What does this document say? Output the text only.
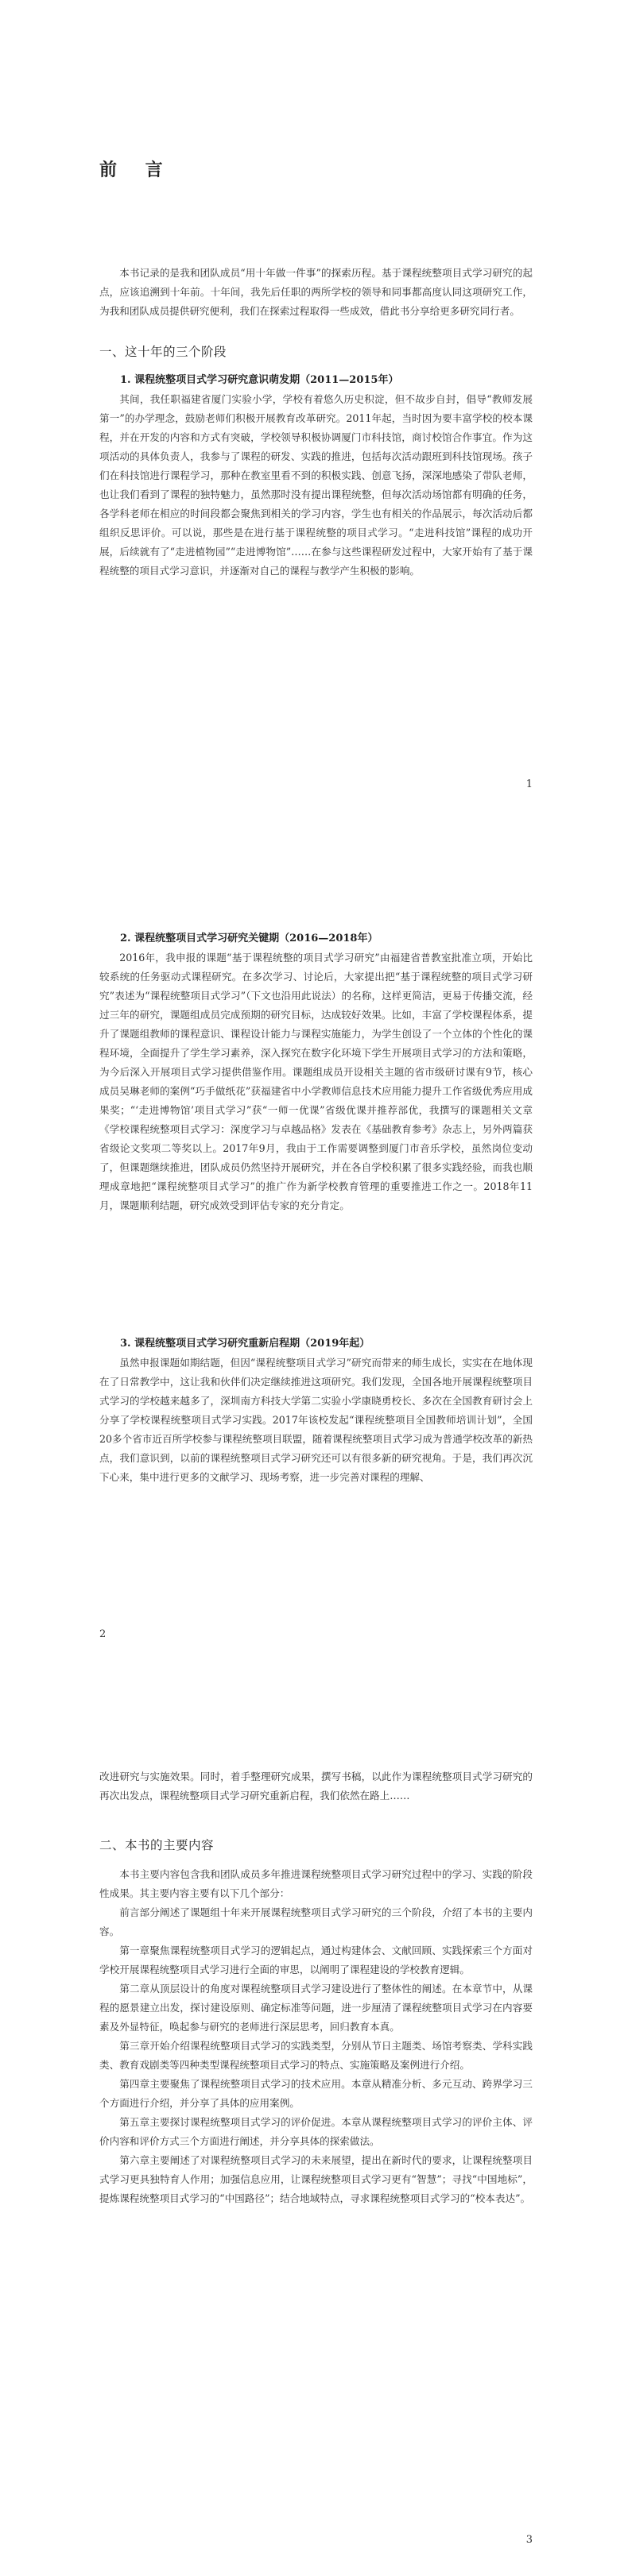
前 言

本书记录的是我和团队成员“用十年做一件事”的探索历程。基于课程统整项目式学习研究的起点，应该追溯到十年前。十年间，我先后任职的两所学校的领导和同事都高度认同这项研究工作，为我和团队成员提供研究便利，我们在探索过程取得一些成效，借此书分享给更多研究同行者。

一、这十年的三个阶段
1. 课程统整项目式学习研究意识萌发期（2011—2015年）

其间，我任职福建省厦门实验小学，学校有着悠久历史积淀，但不故步自封，倡导“教师发展第一”的办学理念，鼓励老师们积极开展教育改革研究。2011年起，当时因为要丰富学校的校本课程，并在开发的内容和方式有突破，学校领导积极协调厦门市科技馆，商讨校馆合作事宜。作为这项活动的具体负责人，我参与了课程的研发、实践的推进，包括每次活动跟班到科技馆现场。孩子们在科技馆进行课程学习，那种在教室里看不到的积极实践、创意飞扬，深深地感染了带队老师，也让我们看到了课程的独特魅力，虽然那时没有提出课程统整，但每次活动场馆都有明确的任务，各学科老师在相应的时间段都会聚焦到相关的学习内容，学生也有相关的作品展示，每次活动后都组织反思评价。可以说，那些是在进行基于课程统整的项目式学习。“走进科技馆”课程的成功开展，后续就有了“走进植物园”“走进博物馆”……在参与这些课程研发过程中，大家开始有了基于课程统整的项目式学习意识，并逐渐对自己的课程与教学产生积极的影响。

1
2. 课程统整项目式学习研究关键期（2016—2018年）

2016年，我申报的课题“基于课程统整的项目式学习研究”由福建省普教室批准立项，开始比较系统的任务驱动式课程研究。在多次学习、讨论后，大家提出把“基于课程统整的项目式学习研究”表述为“课程统整项目式学习”（下文也沿用此说法）的名称，这样更简洁，更易于传播交流，经过三年的研究，课题组成员完成预期的研究目标，达成较好效果。比如，丰富了学校课程体系，提升了课题组教师的课程意识、课程设计能力与课程实施能力，为学生创设了一个立体的个性化的课程环境，全面提升了学生学习素养，深入探究在数字化环境下学生开展项目式学习的方法和策略，为今后深入开展项目式学习提供借鉴作用。课题组成员开设相关主题的省市级研讨课有9节，核心成员吴琳老师的案例“巧手做纸花”获福建省中小学教师信息技术应用能力提升工作省级优秀应用成果奖；“‘走进博物馆’项目式学习”获“一师一优课”省级优课并推荐部优，我撰写的课题相关文章《学校课程统整项目式学习：深度学习与卓越品格》发表在《基础教育参考》杂志上，另外两篇获省级论文奖项二等奖以上。2017年9月，我由于工作需要调整到厦门市音乐学校，虽然岗位变动了，但课题继续推进，团队成员仍然坚持开展研究，并在各自学校积累了很多实践经验，而我也顺理成章地把“课程统整项目式学习”的推广作为新学校教育管理的重要推进工作之一。2018年11月，课题顺利结题，研究成效受到评估专家的充分肯定。

3. 课程统整项目式学习研究重新启程期（2019年起）

虽然申报课题如期结题，但因“课程统整项目式学习”研究而带来的师生成长，实实在在地体现在了日常教学中，这让我和伙伴们决定继续推进这项研究。我们发现，全国各地开展课程统整项目式学习的学校越来越多了，深圳南方科技大学第二实验小学康晓勇校长、多次在全国教育研讨会上分享了学校课程统整项目式学习实践。2017年该校发起“课程统整项目全国教师培训计划”，全国20多个省市近百所学校参与课程统整项目联盟，随着课程统整项目式学习成为普通学校改革的新热点，我们意识到，以前的课程统整项目式学习研究还可以有很多新的研究视角。于是，我们再次沉下心来，集中进行更多的文献学习、现场考察，进一步完善对课程的理解、

2

改进研究与实施效果。同时，着手整理研究成果，撰写书稿，以此作为课程统整项目式学习研究的再次出发点，课程统整项目式学习研究重新启程，我们依然在路上……

二、本书的主要内容

本书主要内容包含我和团队成员多年推进课程统整项目式学习研究过程中的学习、实践的阶段性成果。其主要内容主要有以下几个部分：

前言部分阐述了课题组十年来开展课程统整项目式学习研究的三个阶段，介绍了本书的主要内容。

第一章聚焦课程统整项目式学习的逻辑起点，通过构建体会、文献回顾、实践探索三个方面对学校开展课程统整项目式学习进行全面的审思，以阐明了课程建设的学校教育逻辑。

第二章从顶层设计的角度对课程统整项目式学习建设进行了整体性的阐述。在本章节中，从课程的愿景建立出发，探讨建设原则、确定标准等问题，进一步厘清了课程统整项目式学习在内容要素及外显特征，唤起参与研究的老师进行深层思考，回归教育本真。

第三章开始介绍课程统整项目式学习的实践类型，分别从节日主题类、场馆考察类、学科实践类、教育戏剧类等四种类型课程统整项目式学习的特点、实施策略及案例进行介绍。

第四章主要聚焦了课程统整项目式学习的技术应用。本章从精准分析、多元互动、跨界学习三个方面进行介绍，并分享了具体的应用案例。

第五章主要探讨课程统整项目式学习的评价促进。本章从课程统整项目式学习的评价主体、评价内容和评价方式三个方面进行阐述，并分享具体的探索做法。

第六章主要阐述了对课程统整项目式学习的未来展望，提出在新时代的要求，让课程统整项目式学习更具独特育人作用；加强信息应用，让课程统整项目式学习更有“智慧”；寻找“中国地标”，提炼课程统整项目式学习的“中国路径”；结合地域特点，寻求课程统整项目式学习的“校本表达”。

3
